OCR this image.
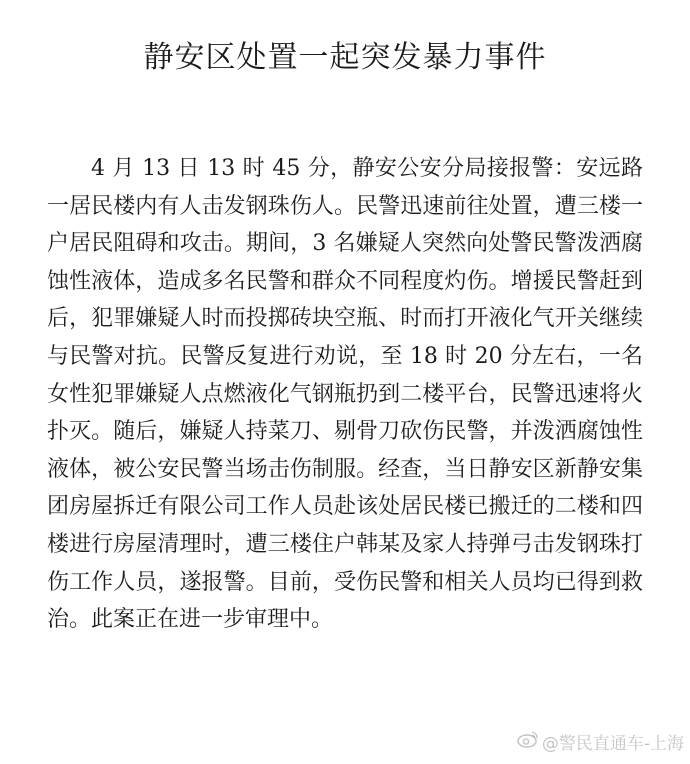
静安区处置一起突发暴力事件

4 月 13 日 13 时 45 分，静安公安分局接报警：安远路一居民楼内有人击发钢珠伤人。民警迅速前往处置，遭三楼一户居民阻碍和攻击。期间，3 名嫌疑人突然向处警民警泼洒腐蚀性液体，造成多名民警和群众不同程度灼伤。增援民警赶到后，犯罪嫌疑人时而投掷砖块空瓶、时而打开液化气开关继续与民警对抗。民警反复进行劝说，至 18 时 20 分左右，一名女性犯罪嫌疑人点燃液化气钢瓶扔到二楼平台，民警迅速将火扑灭。随后，嫌疑人持菜刀、剔骨刀砍伤民警，并泼洒腐蚀性液体，被公安民警当场击伤制服。经查，当日静安区新静安集团房屋拆迁有限公司工作人员赴该处居民楼已搬迁的二楼和四楼进行房屋清理时，遭三楼住户韩某及家人持弹弓击发钢珠打伤工作人员，遂报警。目前，受伤民警和相关人员均已得到救治。此案正在进一步审理中。

@警民直通车-上海
